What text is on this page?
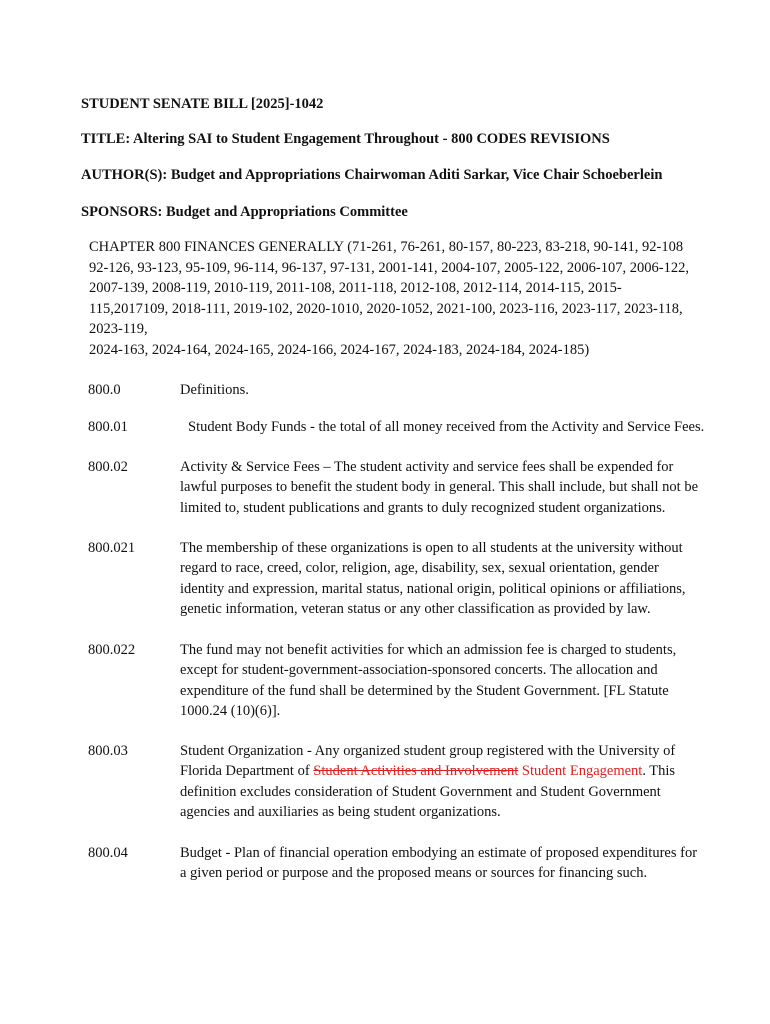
STUDENT SENATE BILL [2025]-1042
TITLE: Altering SAI to Student Engagement Throughout - 800 CODES REVISIONS
AUTHOR(S): Budget and Appropriations Chairwoman Aditi Sarkar, Vice Chair Schoeberlein
SPONSORS: Budget and Appropriations Committee
CHAPTER 800 FINANCES GENERALLY (71-261, 76-261, 80-157, 80-223, 83-218, 90-141, 92-108
92-126, 93-123, 95-109, 96-114, 96-137, 97-131, 2001-141, 2004-107, 2005-122, 2006-107, 2006-122,
2007-139, 2008-119, 2010-119, 2011-108, 2011-118, 2012-108, 2012-114, 2014-115, 2015-
115,2017109, 2018-111, 2019-102, 2020-1010, 2020-1052, 2021-100, 2023-116, 2023-117, 2023-118,
2023-119,
2024-163, 2024-164, 2024-165, 2024-166, 2024-167, 2024-183, 2024-184, 2024-185)
800.0	Definitions.
800.01	Student Body Funds - the total of all money received from the Activity and Service Fees.
800.02	Activity & Service Fees – The student activity and service fees shall be expended for
lawful purposes to benefit the student body in general. This shall include, but shall not be
limited to, student publications and grants to duly recognized student organizations.
800.021	The membership of these organizations is open to all students at the university without
regard to race, creed, color, religion, age, disability, sex, sexual orientation, gender
identity and expression, marital status, national origin, political opinions or affiliations,
genetic information, veteran status or any other classification as provided by law.
800.022	The fund may not benefit activities for which an admission fee is charged to students,
except for student-government-association-sponsored concerts. The allocation and
expenditure of the fund shall be determined by the Student Government. [FL Statute
1000.24 (10)(6)].
800.03	Student Organization - Any organized student group registered with the University of
Florida Department of Student Activities and Involvement Student Engagement. This
definition excludes consideration of Student Government and Student Government
agencies and auxiliaries as being student organizations.
800.04	Budget - Plan of financial operation embodying an estimate of proposed expenditures for
a given period or purpose and the proposed means or sources for financing such.
